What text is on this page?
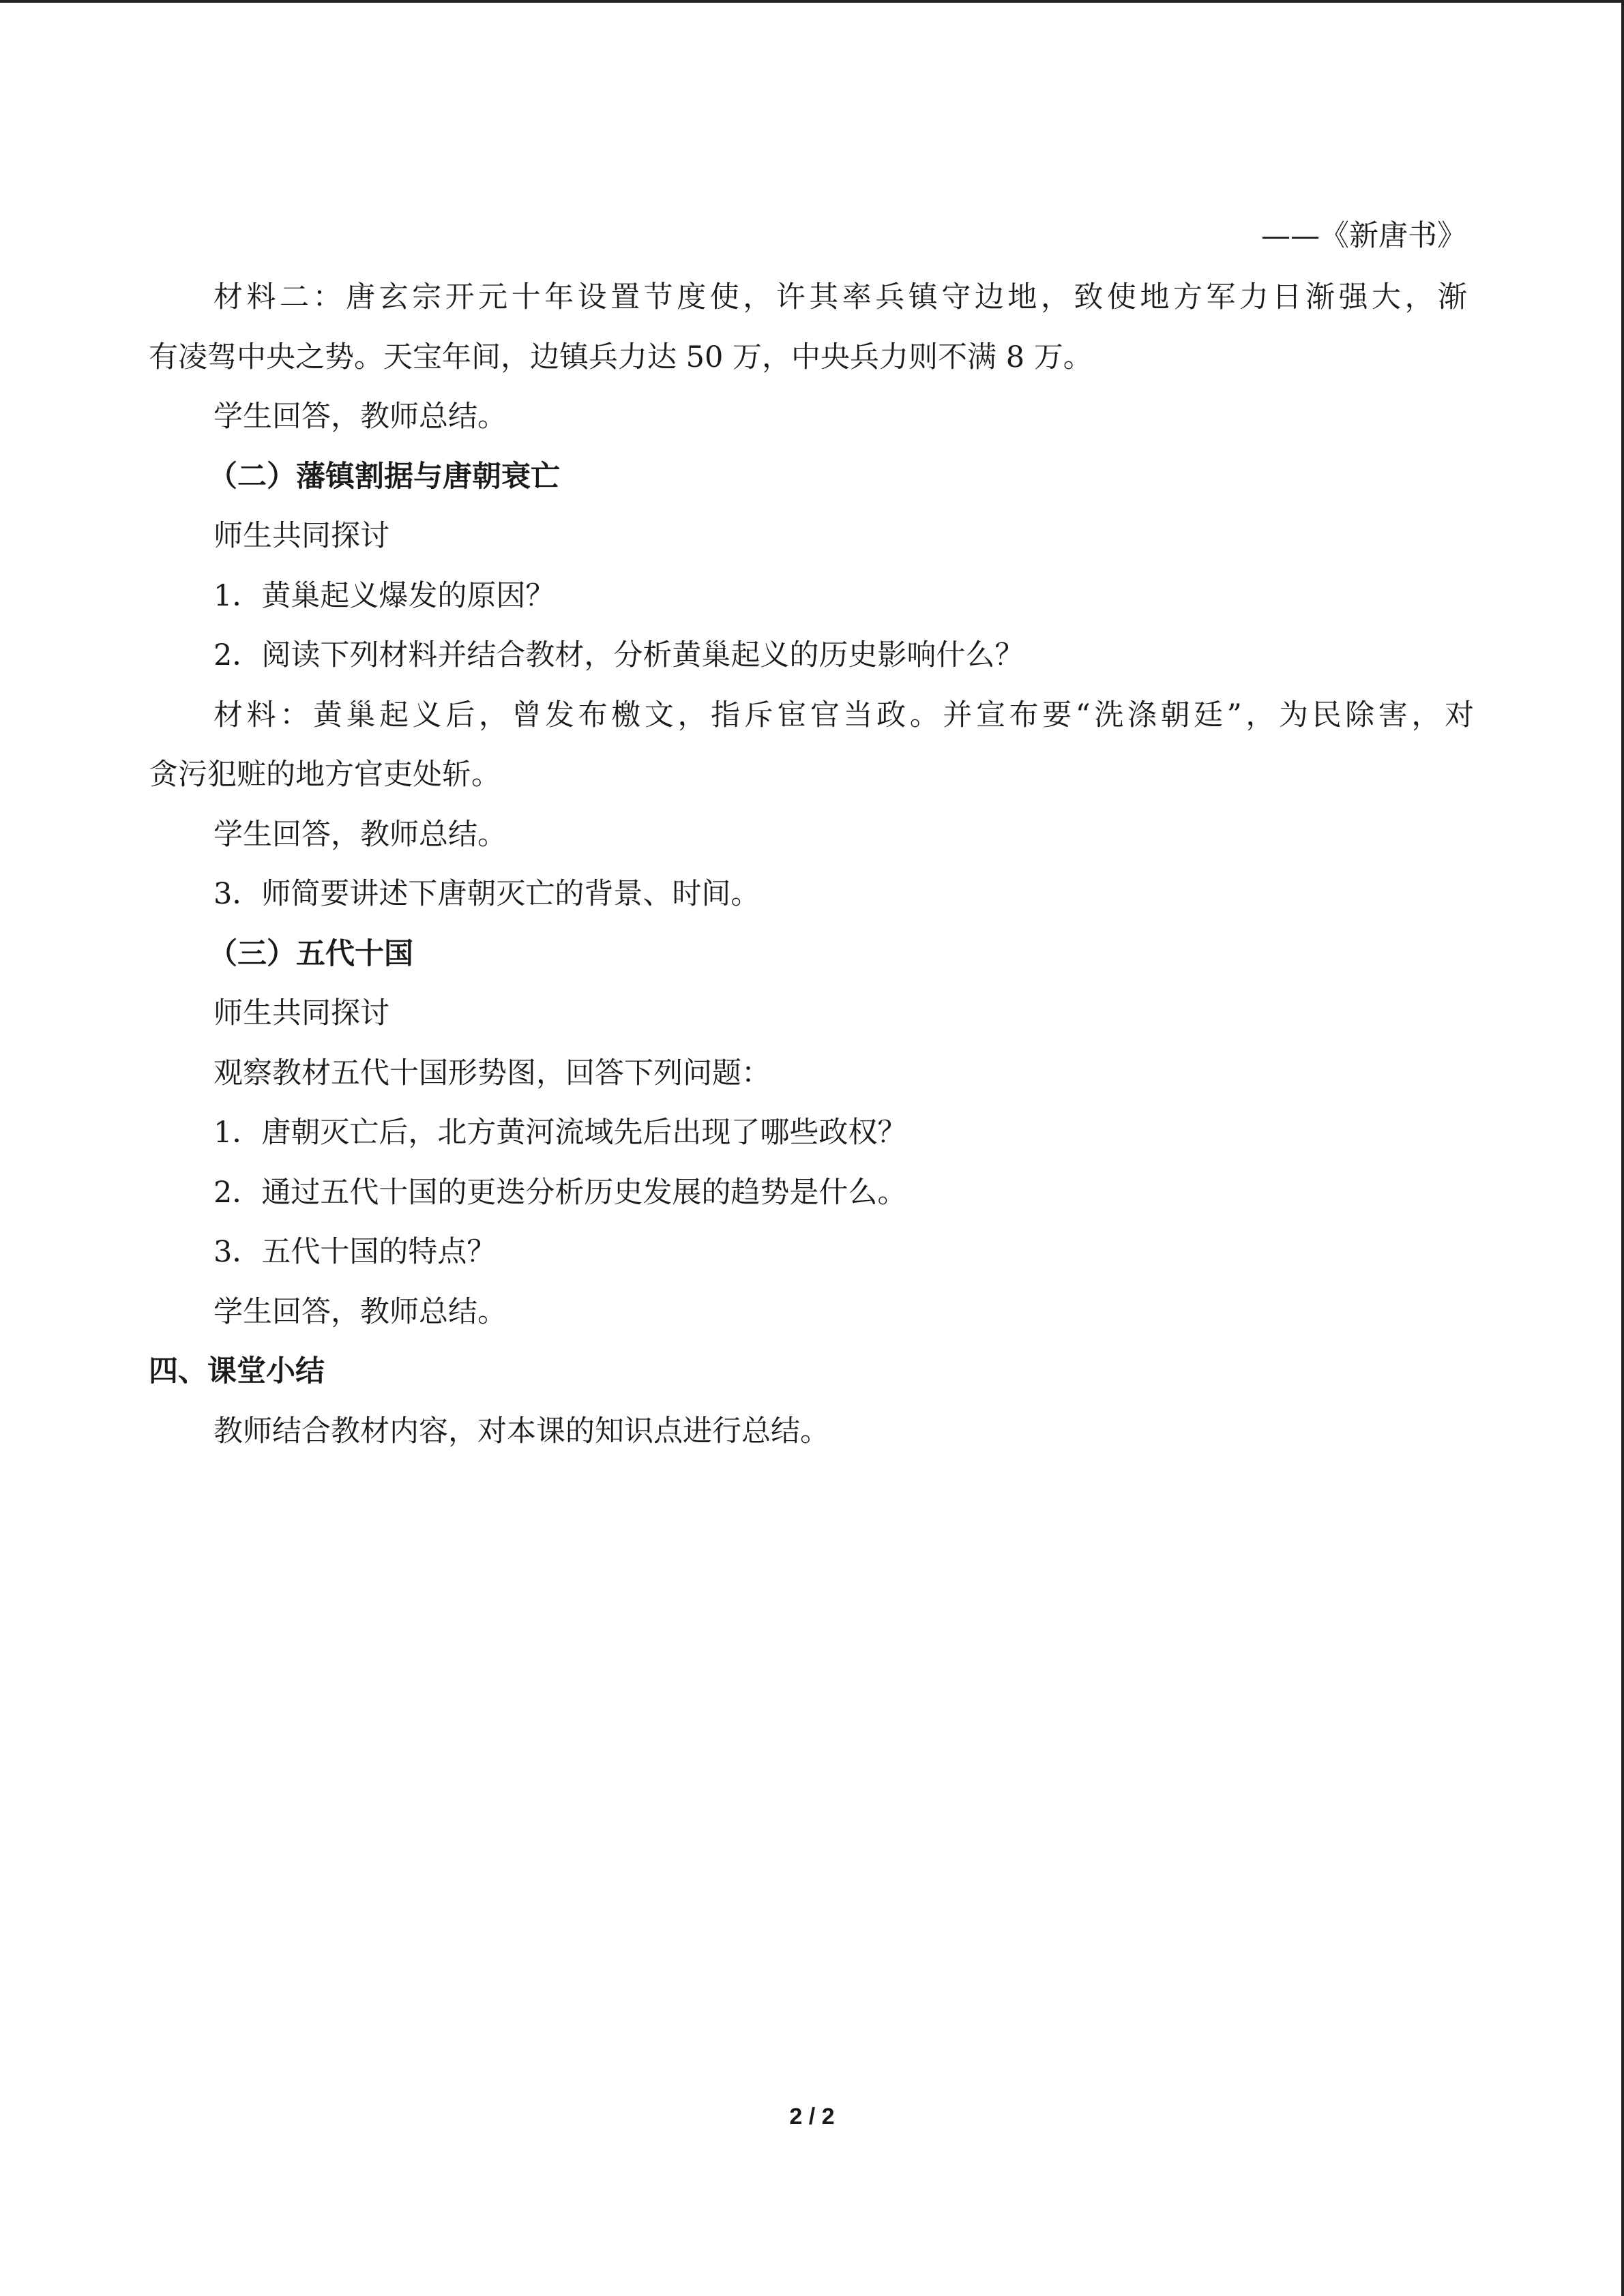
——《新唐书》
材料二：唐玄宗开元十年设置节度使，许其率兵镇守边地，致使地方军力日渐强大，渐
有凌驾中央之势。天宝年间，边镇兵力达 50 万，中央兵力则不满 8 万。
学生回答，教师总结。
（二）藩镇割据与唐朝衰亡
师生共同探讨
1．黄巢起义爆发的原因？
2．阅读下列材料并结合教材，分析黄巢起义的历史影响什么？
材料：黄巢起义后，曾发布檄文，指斥宦官当政。并宣布要“洗涤朝廷”，为民除害，对
贪污犯赃的地方官吏处斩。
学生回答，教师总结。
3．师简要讲述下唐朝灭亡的背景、时间。
（三）五代十国
师生共同探讨
观察教材五代十国形势图，回答下列问题：
1．唐朝灭亡后，北方黄河流域先后出现了哪些政权？
2．通过五代十国的更迭分析历史发展的趋势是什么。
3．五代十国的特点？
学生回答，教师总结。
四、课堂小结
教师结合教材内容，对本课的知识点进行总结。
2 / 2
